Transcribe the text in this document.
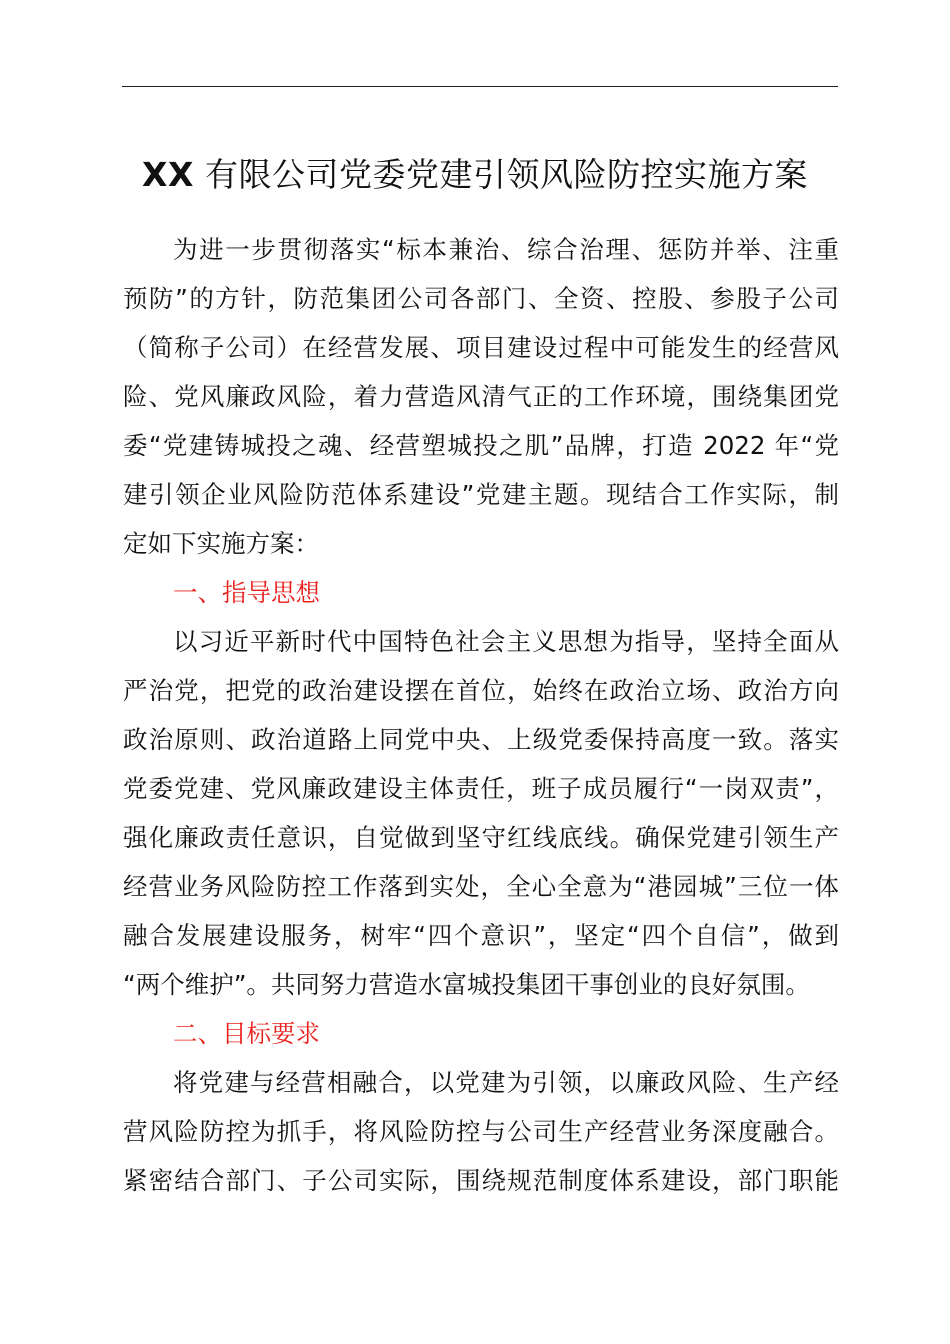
XX 有限公司党委党建引领风险防控实施方案
为进一步贯彻落实“标本兼治、综合治理、惩防并举、注重
预防”的方针，防范集团公司各部门、全资、控股、参股子公司
（简称子公司）在经营发展、项目建设过程中可能发生的经营风
险、党风廉政风险，着力营造风清气正的工作环境，围绕集团党
委“党建铸城投之魂、经营塑城投之肌”品牌，打造 2022 年“党
建引领企业风险防范体系建设”党建主题。现结合工作实际，制
定如下实施方案：
一、指导思想
以习近平新时代中国特色社会主义思想为指导，坚持全面从
严治党，把党的政治建设摆在首位，始终在政治立场、政治方向
政治原则、政治道路上同党中央、上级党委保持高度一致。落实
党委党建、党风廉政建设主体责任，班子成员履行“一岗双责”，
强化廉政责任意识，自觉做到坚守红线底线。确保党建引领生产
经营业务风险防控工作落到实处，全心全意为“港园城”三位一体
融合发展建设服务，树牢“四个意识”，坚定“四个自信”，做到
“两个维护”。共同努力营造水富城投集团干事创业的良好氛围。
二、目标要求
将党建与经营相融合，以党建为引领，以廉政风险、生产经
营风险防控为抓手，将风险防控与公司生产经营业务深度融合。
紧密结合部门、子公司实际，围绕规范制度体系建设，部门职能
